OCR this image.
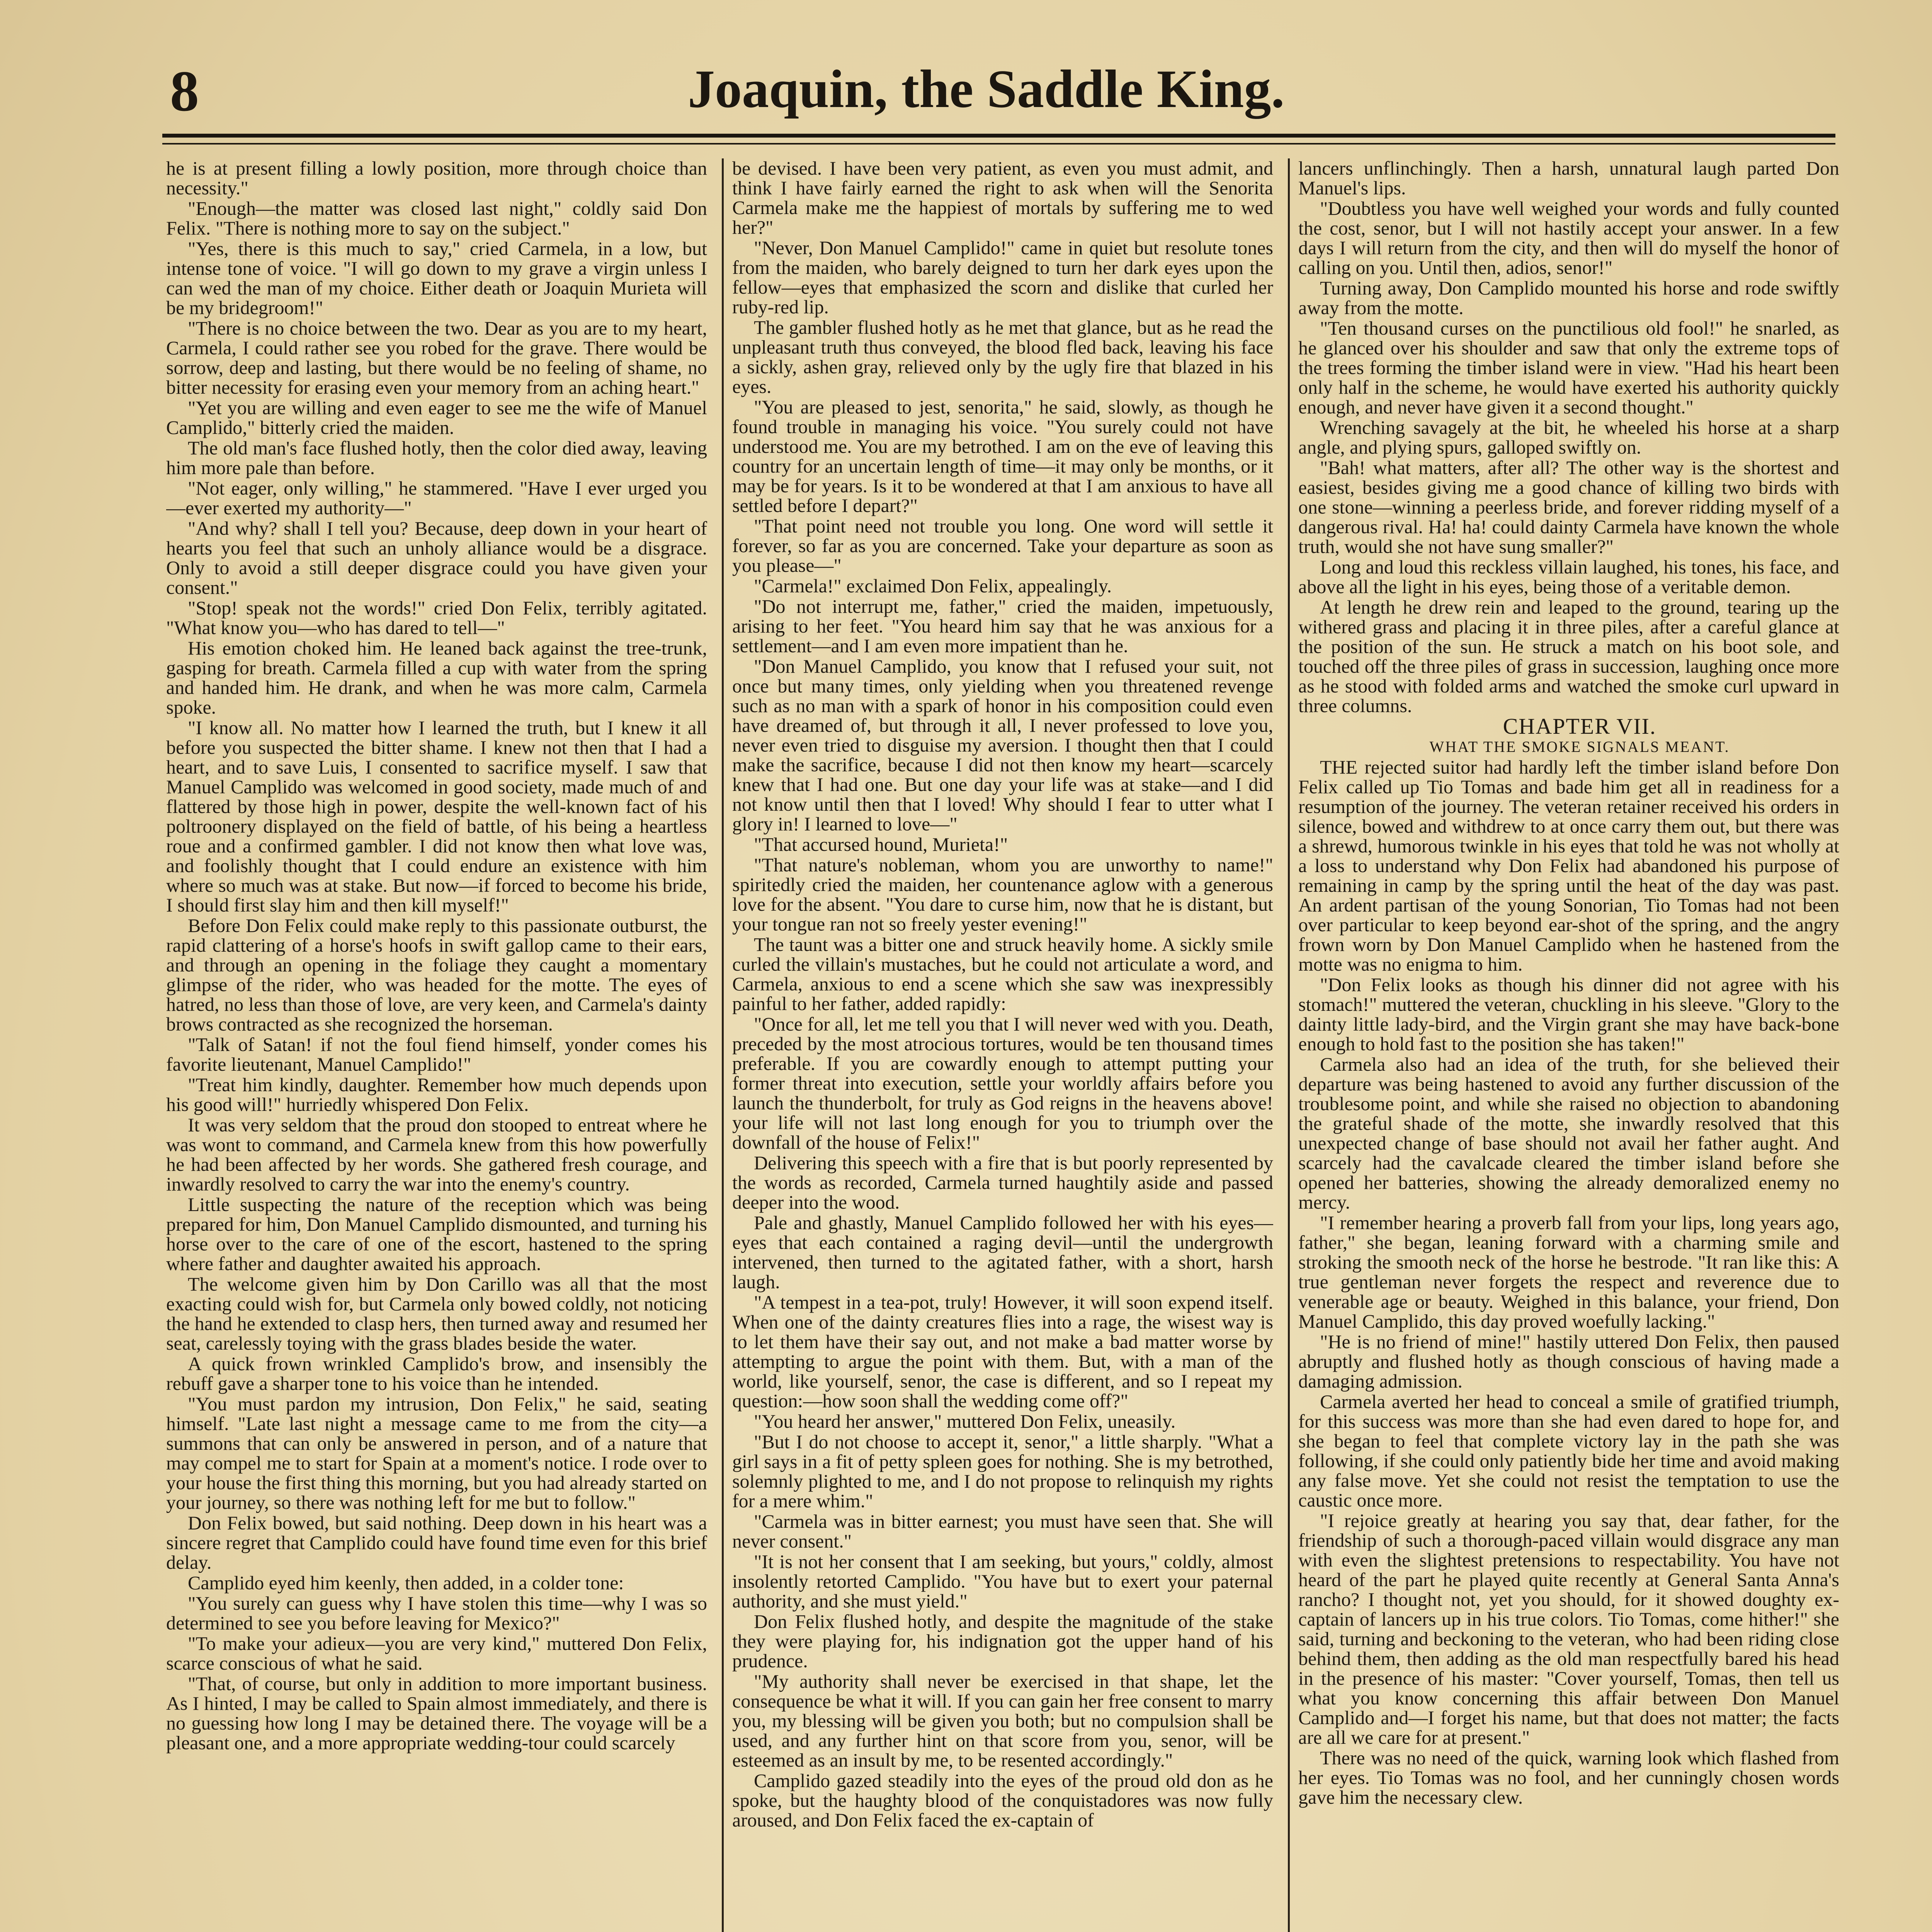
8	Joaquin, the Saddle King.

he is at present filling a lowly position, more through choice than necessity."

"Enough—the matter was closed last night," coldly said Don Felix. "There is nothing more to say on the subject."

"Yes, there is this much to say," cried Carmela, in a low, but intense tone of voice. "I will go down to my grave a virgin unless I can wed the man of my choice. Either death or Joaquin Murieta will be my bridegroom!"

"There is no choice between the two. Dear as you are to my heart, Carmela, I could rather see you robed for the grave. There would be sorrow, deep and lasting, but there would be no feeling of shame, no bitter necessity for erasing even your memory from an aching heart."

"Yet you are willing and even eager to see me the wife of Manuel Camplido," bitterly cried the maiden.

The old man's face flushed hotly, then the color died away, leaving him more pale than before.

"Not eager, only willing," he stammered. "Have I ever urged you—ever exerted my authority—"

"And why? shall I tell you? Because, deep down in your heart of hearts you feel that such an unholy alliance would be a disgrace. Only to avoid a still deeper disgrace could you have given your consent."

"Stop! speak not the words!" cried Don Felix, terribly agitated. "What know you—who has dared to tell—"

His emotion choked him. He leaned back against the tree-trunk, gasping for breath. Carmela filled a cup with water from the spring and handed him. He drank, and when he was more calm, Carmela spoke.

"I know all. No matter how I learned the truth, but I knew it all before you suspected the bitter shame. I knew not then that I had a heart, and to save Luis, I consented to sacrifice myself. I saw that Manuel Camplido was welcomed in good society, made much of and flattered by those high in power, despite the well-known fact of his poltroonery displayed on the field of battle, of his being a heartless roue and a confirmed gambler. I did not know then what love was, and foolishly thought that I could endure an existence with him where so much was at stake. But now—if forced to become his bride, I should first slay him and then kill myself!"

Before Don Felix could make reply to this passionate outburst, the rapid clattering of a horse's hoofs in swift gallop came to their ears, and through an opening in the foliage they caught a momentary glimpse of the rider, who was headed for the motte. The eyes of hatred, no less than those of love, are very keen, and Carmela's dainty brows contracted as she recognized the horseman.

"Talk of Satan! if not the foul fiend himself, yonder comes his favorite lieutenant, Manuel Camplido!"

"Treat him kindly, daughter. Remember how much depends upon his good will!" hurriedly whispered Don Felix.

It was very seldom that the proud don stooped to entreat where he was wont to command, and Carmela knew from this how powerfully he had been affected by her words. She gathered fresh courage, and inwardly resolved to carry the war into the enemy's country.

Little suspecting the nature of the reception which was being prepared for him, Don Manuel Camplido dismounted, and turning his horse over to the care of one of the escort, hastened to the spring where father and daughter awaited his approach.

The welcome given him by Don Carillo was all that the most exacting could wish for, but Carmela only bowed coldly, not noticing the hand he extended to clasp hers, then turned away and resumed her seat, carelessly toying with the grass blades beside the water.

A quick frown wrinkled Camplido's brow, and insensibly the rebuff gave a sharper tone to his voice than he intended.

"You must pardon my intrusion, Don Felix," he said, seating himself. "Late last night a message came to me from the city—a summons that can only be answered in person, and of a nature that may compel me to start for Spain at a moment's notice. I rode over to your house the first thing this morning, but you had already started on your journey, so there was nothing left for me but to follow."

Don Felix bowed, but said nothing. Deep down in his heart was a sincere regret that Camplido could have found time even for this brief delay.

Camplido eyed him keenly, then added, in a colder tone:

"You surely can guess why I have stolen this time—why I was so determined to see you before leaving for Mexico?"

"To make your adieux—you are very kind," muttered Don Felix, scarce conscious of what he said.

"That, of course, but only in addition to more important business. As I hinted, I may be called to Spain almost immediately, and there is no guessing how long I may be detained there. The voyage will be a pleasant one, and a more appropriate wedding-tour could scarcely

be devised. I have been very patient, as even you must admit, and think I have fairly earned the right to ask when will the Senorita Carmela make me the happiest of mortals by suffering me to wed her?"

"Never, Don Manuel Camplido!" came in quiet but resolute tones from the maiden, who barely deigned to turn her dark eyes upon the fellow—eyes that emphasized the scorn and dislike that curled her ruby-red lip.

The gambler flushed hotly as he met that glance, but as he read the unpleasant truth thus conveyed, the blood fled back, leaving his face a sickly, ashen gray, relieved only by the ugly fire that blazed in his eyes.

"You are pleased to jest, senorita," he said, slowly, as though he found trouble in managing his voice. "You surely could not have understood me. You are my betrothed. I am on the eve of leaving this country for an uncertain length of time—it may only be months, or it may be for years. Is it to be wondered at that I am anxious to have all settled before I depart?"

"That point need not trouble you long. One word will settle it forever, so far as you are concerned. Take your departure as soon as you please—"

"Carmela!" exclaimed Don Felix, appealingly.

"Do not interrupt me, father," cried the maiden, impetuously, arising to her feet. "You heard him say that he was anxious for a settlement—and I am even more impatient than he.

"Don Manuel Camplido, you know that I refused your suit, not once but many times, only yielding when you threatened revenge such as no man with a spark of honor in his composition could even have dreamed of, but through it all, I never professed to love you, never even tried to disguise my aversion. I thought then that I could make the sacrifice, because I did not then know my heart—scarcely knew that I had one. But one day your life was at stake—and I did not know until then that I loved! Why should I fear to utter what I glory in! I learned to love—"

"That accursed hound, Murieta!"

"That nature's nobleman, whom you are unworthy to name!" spiritedly cried the maiden, her countenance aglow with a generous love for the absent. "You dare to curse him, now that he is distant, but your tongue ran not so freely yester evening!"

The taunt was a bitter one and struck heavily home. A sickly smile curled the villain's mustaches, but he could not articulate a word, and Carmela, anxious to end a scene which she saw was inexpressibly painful to her father, added rapidly:

"Once for all, let me tell you that I will never wed with you. Death, preceded by the most atrocious tortures, would be ten thousand times preferable. If you are cowardly enough to attempt putting your former threat into execution, settle your worldly affairs before you launch the thunderbolt, for truly as God reigns in the heavens above! your life will not last long enough for you to triumph over the downfall of the house of Felix!"

Delivering this speech with a fire that is but poorly represented by the words as recorded, Carmela turned haughtily aside and passed deeper into the wood.

Pale and ghastly, Manuel Camplido followed her with his eyes—eyes that each contained a raging devil—until the undergrowth intervened, then turned to the agitated father, with a short, harsh laugh.

"A tempest in a tea-pot, truly! However, it will soon expend itself. When one of the dainty creatures flies into a rage, the wisest way is to let them have their say out, and not make a bad matter worse by attempting to argue the point with them. But, with a man of the world, like yourself, senor, the case is different, and so I repeat my question:—how soon shall the wedding come off?"

"You heard her answer," muttered Don Felix, uneasily.

"But I do not choose to accept it, senor," a little sharply. "What a girl says in a fit of petty spleen goes for nothing. She is my betrothed, solemnly plighted to me, and I do not propose to relinquish my rights for a mere whim."

"Carmela was in bitter earnest; you must have seen that. She will never consent."

"It is not her consent that I am seeking, but yours," coldly, almost insolently retorted Camplido. "You have but to exert your paternal authority, and she must yield."

Don Felix flushed hotly, and despite the magnitude of the stake they were playing for, his indignation got the upper hand of his prudence.

"My authority shall never be exercised in that shape, let the consequence be what it will. If you can gain her free consent to marry you, my blessing will be given you both; but no compulsion shall be used, and any further hint on that score from you, senor, will be esteemed as an insult by me, to be resented accordingly."

Camplido gazed steadily into the eyes of the proud old don as he spoke, but the haughty blood of the conquistadores was now fully aroused, and Don Felix faced the ex-captain of

lancers unflinchingly. Then a harsh, unnatural laugh parted Don Manuel's lips.

"Doubtless you have well weighed your words and fully counted the cost, senor, but I will not hastily accept your answer. In a few days I will return from the city, and then will do myself the honor of calling on you. Until then, adios, senor!"

Turning away, Don Camplido mounted his horse and rode swiftly away from the motte.

"Ten thousand curses on the punctilious old fool!" he snarled, as he glanced over his shoulder and saw that only the extreme tops of the trees forming the timber island were in view. "Had his heart been only half in the scheme, he would have exerted his authority quickly enough, and never have given it a second thought."

Wrenching savagely at the bit, he wheeled his horse at a sharp angle, and plying spurs, galloped swiftly on.

"Bah! what matters, after all? The other way is the shortest and easiest, besides giving me a good chance of killing two birds with one stone—winning a peerless bride, and forever ridding myself of a dangerous rival. Ha! ha! could dainty Carmela have known the whole truth, would she not have sung smaller?"

Long and loud this reckless villain laughed, his tones, his face, and above all the light in his eyes, being those of a veritable demon.

At length he drew rein and leaped to the ground, tearing up the withered grass and placing it in three piles, after a careful glance at the position of the sun. He struck a match on his boot sole, and touched off the three piles of grass in succession, laughing once more as he stood with folded arms and watched the smoke curl upward in three columns.

CHAPTER VII.

WHAT THE SMOKE SIGNALS MEANT.

THE rejected suitor had hardly left the timber island before Don Felix called up Tio Tomas and bade him get all in readiness for a resumption of the journey. The veteran retainer received his orders in silence, bowed and withdrew to at once carry them out, but there was a shrewd, humorous twinkle in his eyes that told he was not wholly at a loss to understand why Don Felix had abandoned his purpose of remaining in camp by the spring until the heat of the day was past. An ardent partisan of the young Sonorian, Tio Tomas had not been over particular to keep beyond ear-shot of the spring, and the angry frown worn by Don Manuel Camplido when he hastened from the motte was no enigma to him.

"Don Felix looks as though his dinner did not agree with his stomach!" muttered the veteran, chuckling in his sleeve. "Glory to the dainty little lady-bird, and the Virgin grant she may have back-bone enough to hold fast to the position she has taken!"

Carmela also had an idea of the truth, for she believed their departure was being hastened to avoid any further discussion of the troublesome point, and while she raised no objection to abandoning the grateful shade of the motte, she inwardly resolved that this unexpected change of base should not avail her father aught. And scarcely had the cavalcade cleared the timber island before she opened her batteries, showing the already demoralized enemy no mercy.

"I remember hearing a proverb fall from your lips, long years ago, father," she began, leaning forward with a charming smile and stroking the smooth neck of the horse he bestrode. "It ran like this: A true gentleman never forgets the respect and reverence due to venerable age or beauty. Weighed in this balance, your friend, Don Manuel Camplido, this day proved woefully lacking."

"He is no friend of mine!" hastily uttered Don Felix, then paused abruptly and flushed hotly as though conscious of having made a damaging admission.

Carmela averted her head to conceal a smile of gratified triumph, for this success was more than she had even dared to hope for, and she began to feel that complete victory lay in the path she was following, if she could only patiently bide her time and avoid making any false move. Yet she could not resist the temptation to use the caustic once more.

"I rejoice greatly at hearing you say that, dear father, for the friendship of such a thorough-paced villain would disgrace any man with even the slightest pretensions to respectability. You have not heard of the part he played quite recently at General Santa Anna's rancho? I thought not, yet you should, for it showed doughty ex-captain of lancers up in his true colors. Tio Tomas, come hither!" she said, turning and beckoning to the veteran, who had been riding close behind them, then adding as the old man respectfully bared his head in the presence of his master: "Cover yourself, Tomas, then tell us what you know concerning this affair between Don Manuel Camplido and—I forget his name, but that does not matter; the facts are all we care for at present."

There was no need of the quick, warning look which flashed from her eyes. Tio Tomas was no fool, and her cunningly chosen words gave him the necessary clew.
